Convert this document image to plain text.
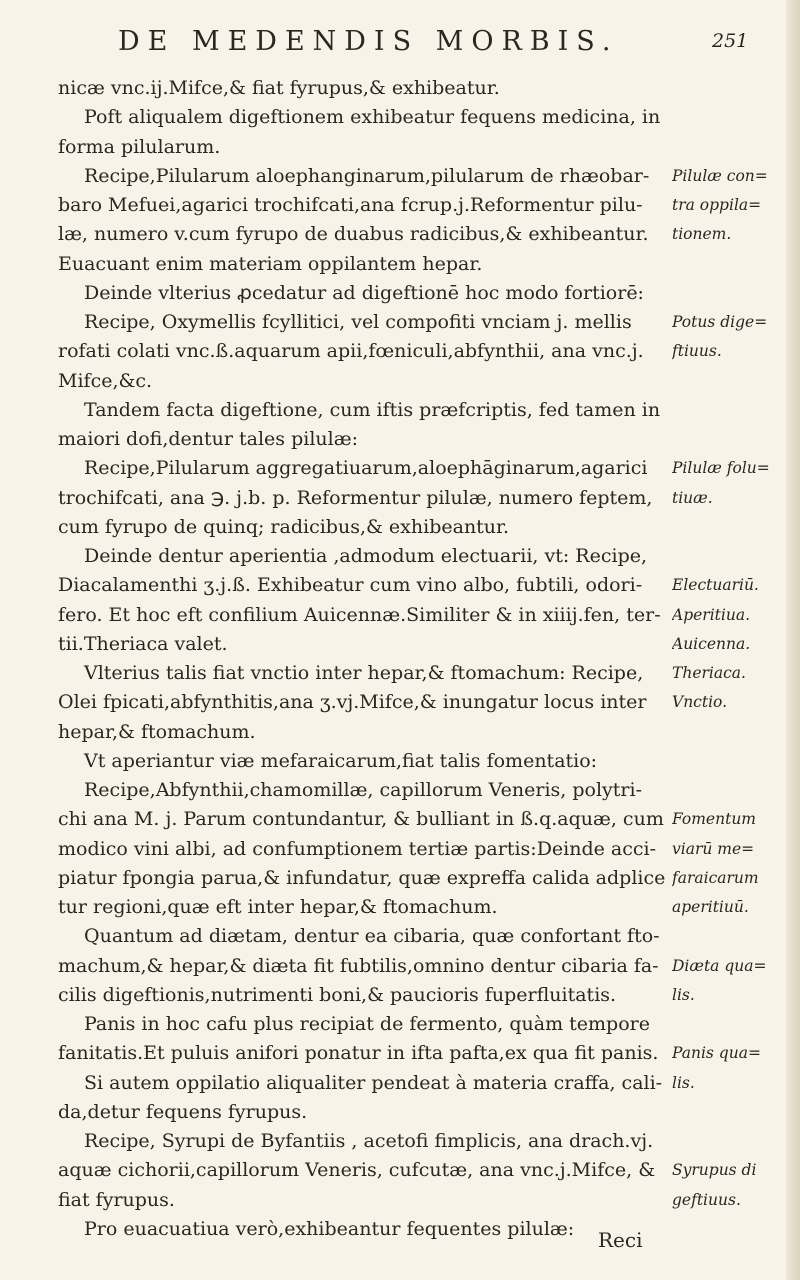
DE MEDENDIS MORBIS.	251
nicæ vnc.ij.Mifce,& fiat fyrupus,& exhibeatur.
Poft aliqualem digeftionem exhibeatur fequens medicina, in
forma pilularum.
Recipe,Pilularum aloephanginarum,pilularum de rhæobar-
baro Mefuei,agarici trochifcati,ana fcrup.j.Reformentur pilu-
læ, numero v.cum fyrupo de duabus radicibus,& exhibeantur.
Euacuant enim materiam oppilantem hepar.
Deinde vlterius ꝓcedatur ad digeftionē hoc modo fortiorē:
Recipe, Oxymellis fcyllitici, vel compofiti vnciam j. mellis
rofati colati vnc.ß.aquarum apii,fœniculi,abfynthii, ana vnc.j.
Mifce,&c.
Tandem facta digeftione, cum iftis præfcriptis, fed tamen in
maiori dofi,dentur tales pilulæ:
Recipe,Pilularum aggregatiuarum,aloephāginarum,agarici
trochifcati, ana ℈. j.b. p. Reformentur pilulæ, numero feptem,
cum fyrupo de quinq; radicibus,& exhibeantur.
Deinde dentur aperientia ,admodum electuarii, vt: Recipe,
Diacalamenthi ʒ.j.ß. Exhibeatur cum vino albo, fubtili, odori-
fero. Et hoc eft confilium Auicennæ.Similiter & in xiiij.fen, ter-
tii.Theriaca valet.
Vlterius talis fiat vnctio inter hepar,& ftomachum: Recipe,
Olei fpicati,abfynthitis,ana ʒ.vj.Mifce,& inungatur locus inter
hepar,& ftomachum.
Vt aperiantur viæ mefaraicarum,fiat talis fomentatio:
Recipe,Abfynthii,chamomillæ, capillorum Veneris, polytri-
chi ana M. j. Parum contundantur, & bulliant in ß.q.aquæ, cum
modico vini albi, ad confumptionem tertiæ partis:Deinde acci-
piatur fpongia parua,& infundatur, quæ expreffa calida adplice
tur regioni,quæ eft inter hepar,& ftomachum.
Quantum ad diætam, dentur ea cibaria, quæ confortant fto-
machum,& hepar,& diæta fit fubtilis,omnino dentur cibaria fa-
cilis digeftionis,nutrimenti boni,& paucioris fuperfluitatis.
Panis in hoc cafu plus recipiat de fermento, quàm tempore
fanitatis.Et puluis anifori ponatur in ifta pafta,ex qua fit panis.
Si autem oppilatio aliqualiter pendeat à materia craffa, cali-
da,detur fequens fyrupus.
Recipe, Syrupi de Byfantiis , acetofi fimplicis, ana drach.vj.
aquæ cichorii,capillorum Veneris, cufcutæ, ana vnc.j.Mifce, &
fiat fyrupus.
Pro euacuatiua verò,exhibeantur fequentes pilulæ:
Pilulæ con=
tra oppila=
tionem.
Potus dige=
ftiuus.
Pilulæ folu=
tiuæ.
Electuariū.
Aperitiua.
Auicenna.
Theriaca.
Vnctio.
Fomentum
viarū me=
faraicarum
aperitiuū.
Diæta qua=
lis.
Panis qua=
lis.
Syrupus di
geftiuus.
Reci
